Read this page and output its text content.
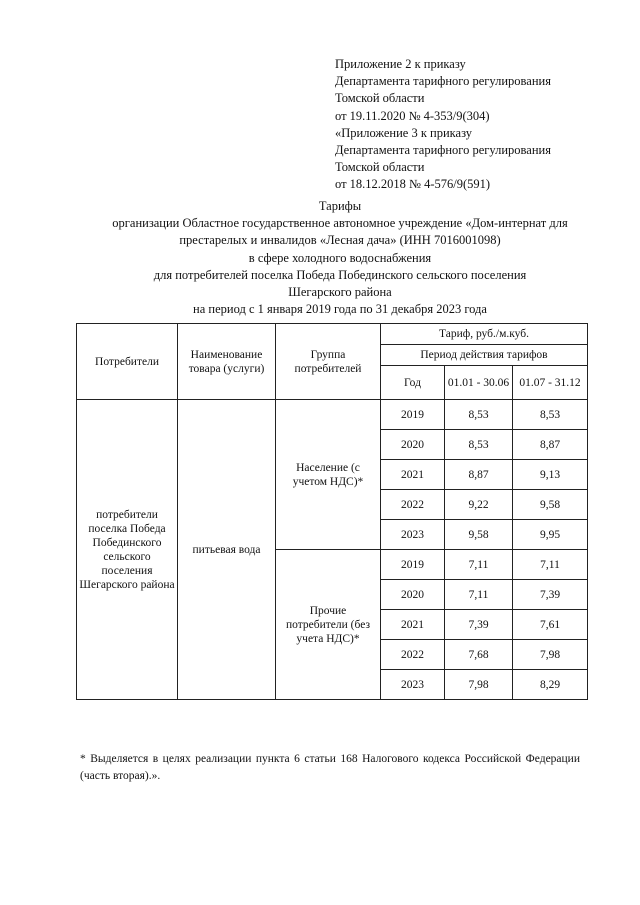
Приложение 2 к приказу
Департамента тарифного регулирования
Томской области
от 19.11.2020 № 4-353/9(304)
«Приложение 3 к приказу
Департамента тарифного регулирования
Томской области
от 18.12.2018 № 4-576/9(591)
Тарифы
организации Областное государственное автономное учреждение «Дом-интернат для
престарелых и инвалидов «Лесная дача» (ИНН 7016001098)
в сфере холодного водоснабжения
для потребителей поселка Победа Побединского сельского поселения
Шегарского района
на период с 1 января 2019 года по 31 декабря 2023 года
Потребители	Наименование товара (услуги)	Группа потребителей	Тариф, руб./м.куб.		
			Период действия тарифов		
			Год	01.01 - 30.06	01.07 - 31.12
потребители поселка Победа Побединского сельского поселения Шегарского района	питьевая вода	Население (с учетом НДС)*	2019	8,53	8,53
			2020	8,53	8,87
			2021	8,87	9,13
			2022	9,22	9,58
			2023	9,58	9,95
		Прочие потребители (без учета НДС)*	2019	7,11	7,11
			2020	7,11	7,39
			2021	7,39	7,61
			2022	7,68	7,98
			2023	7,98	8,29
* Выделяется в целях реализации пункта 6 статьи 168 Налогового кодекса Российской Федерации (часть вторая).».
